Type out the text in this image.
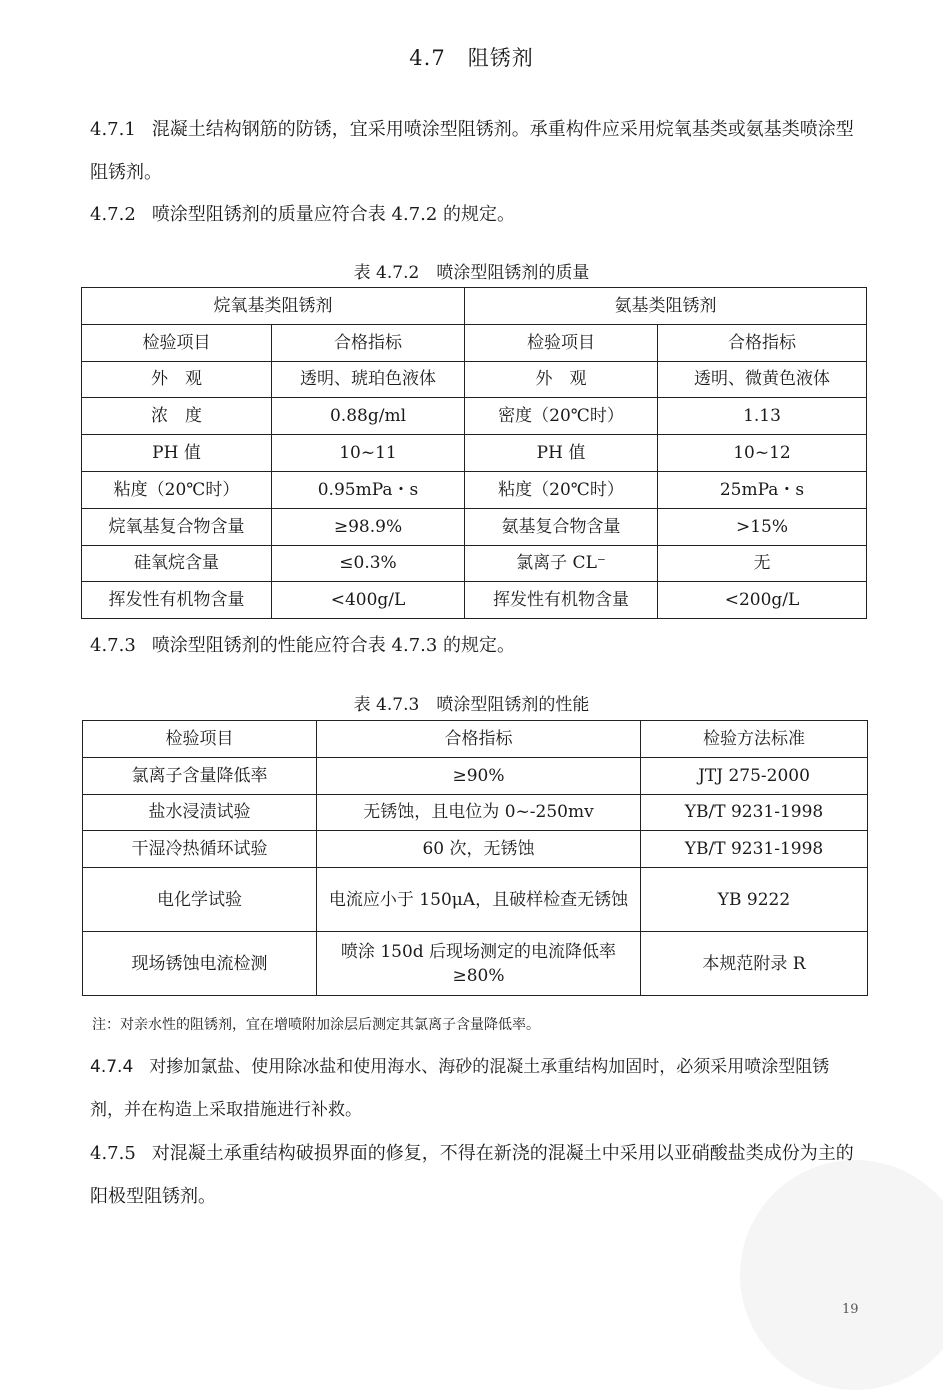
4.7 阻锈剂
4.7.1 混凝土结构钢筋的防锈，宜采用喷涂型阻锈剂。承重构件应采用烷氧基类或氨基类喷涂型阻锈剂。
4.7.2 喷涂型阻锈剂的质量应符合表 4.7.2 的规定。
表 4.7.2　喷涂型阻锈剂的质量
烷氧基类阻锈剂		氨基类阻锈剂	
检验项目	合格指标	检验项目	合格指标
外　观	透明、琥珀色液体	外　观	透明、微黄色液体
浓　度	0.88g/ml	密度（20℃时）	1.13
PH 值	10~11	PH 值	10~12
粘度（20℃时）	0.95mPa・s	粘度（20℃时）	25mPa・s
烷氧基复合物含量	≥98.9%	氨基复合物含量	>15%
硅氧烷含量	≤0.3%	氯离子 CL⁻	无
挥发性有机物含量	<400g/L	挥发性有机物含量	<200g/L
4.7.3 喷涂型阻锈剂的性能应符合表 4.7.3 的规定。
表 4.7.3　喷涂型阻锈剂的性能
检验项目	合格指标	检验方法标准
氯离子含量降低率	≥90%	JTJ 275-2000
盐水浸渍试验	无锈蚀，且电位为 0~-250mv	YB/T 9231-1998
干湿冷热循环试验	60 次，无锈蚀	YB/T 9231-1998
电化学试验	电流应小于 150μA，且破样检查无锈蚀	YB 9222
现场锈蚀电流检测	喷涂 150d 后现场测定的电流降低率≥80%	本规范附录 R
注：对亲水性的阻锈剂，宜在增喷附加涂层后测定其氯离子含量降低率。
4.7.4 对掺加氯盐、使用除冰盐和使用海水、海砂的混凝土承重结构加固时，必须采用喷涂型阻锈剂，并在构造上采取措施进行补救。
4.7.5 对混凝土承重结构破损界面的修复，不得在新浇的混凝土中采用以亚硝酸盐类成份为主的阳极型阻锈剂。
19
